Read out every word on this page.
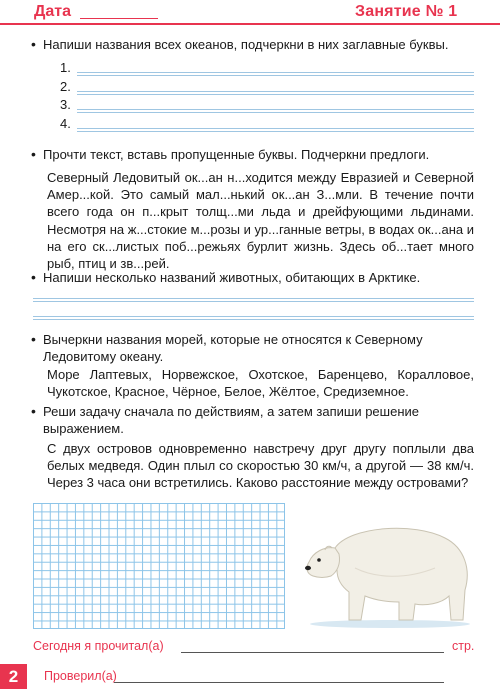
Дата	Занятие № 1
• Напиши названия всех океанов, подчеркни в них заглавные буквы.
1.
2.
3.
4.
• Прочти текст, вставь пропущенные буквы. Подчеркни предлоги.
Северный Ледовитый ок...ан н...ходится между Евразией и Северной Амер...кой. Это самый мал...нький ок...ан З...мли. В течение почти всего года он п...крыт толщ...ми льда и дрейфующими льдинами. Несмотря на ж...стокие м...розы и ур...ганные ветры, в водах ок...ана и на его ск...листых поб...режьях бурлит жизнь. Здесь об...тает много рыб, птиц и зв...рей.
• Напиши несколько названий животных, обитающих в Арктике.
• Вычеркни названия морей, которые не относятся к Северному Ледовитому океану.
Море Лаптевых, Норвежское, Охотское, Баренцево, Коралловое, Чукотское, Красное, Чёрное, Белое, Жёлтое, Средиземное.
• Реши задачу сначала по действиям, а затем запиши решение выражением.
С двух островов одновременно навстречу друг другу поплыли два белых медведя. Один плыл со скоростью 30 км/ч, а другой — 38 км/ч. Через 3 часа они встретились. Каково расстояние между островами?
Сегодня я прочитал(а)	стр.
2	Проверил(а)
